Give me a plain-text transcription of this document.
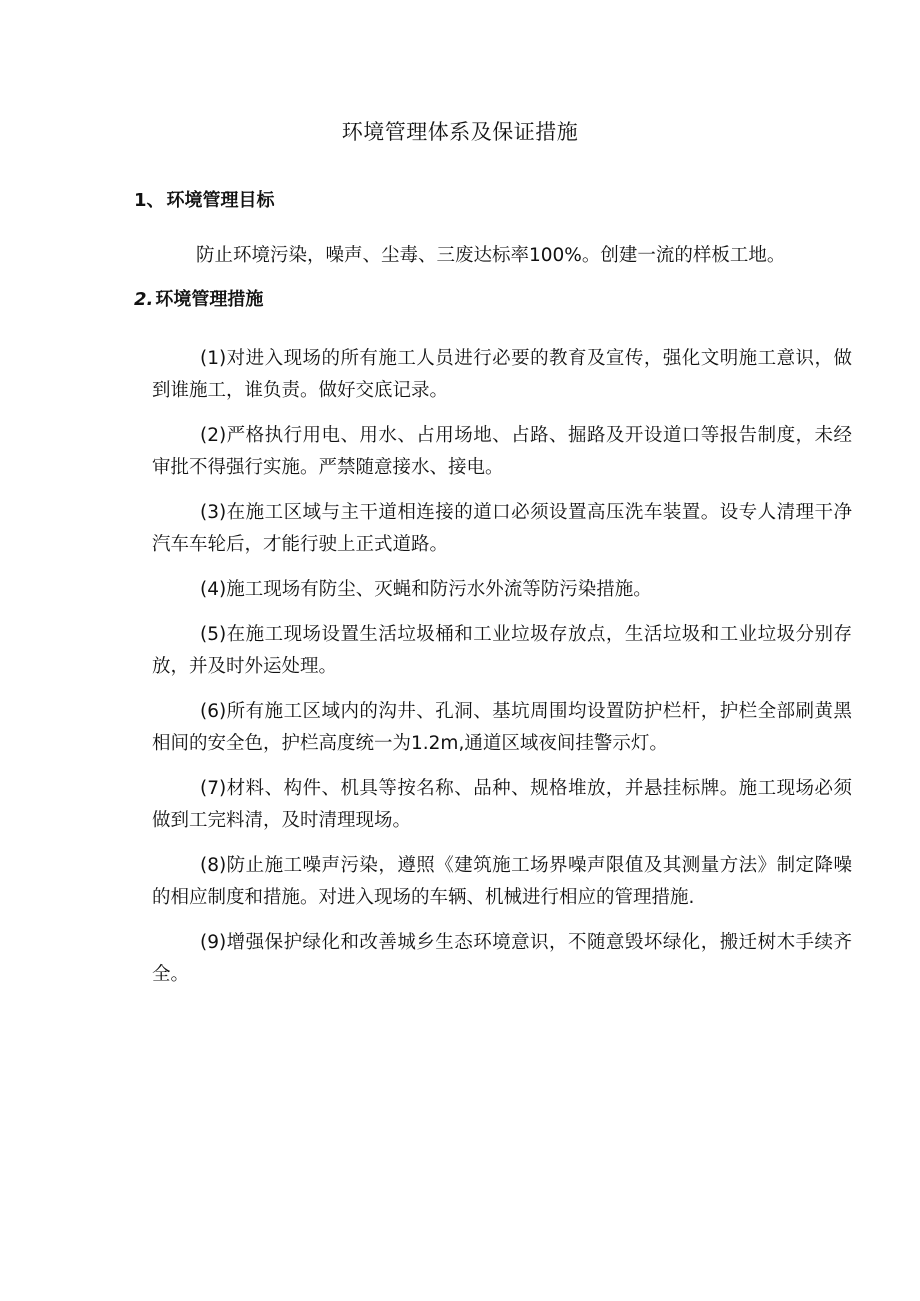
环境管理体系及保证措施
1、 环境管理目标
防止环境污染，噪声、尘毒、三废达标率100%。创建一流的样板工地。
2. 环境管理措施

(1)对进入现场的所有施工人员进行必要的教育及宣传，强化文明施工意识，做到谁施工，谁负责。做好交底记录。

(2)严格执行用电、用水、占用场地、占路、掘路及开设道口等报告制度，未经审批不得强行实施。严禁随意接水、接电。

(3)在施工区域与主干道相连接的道口必须设置高压洗车装置。设专人清理干净汽车车轮后，才能行驶上正式道路。

(4)施工现场有防尘、灭蝇和防污水外流等防污染措施。

(5)在施工现场设置生活垃圾桶和工业垃圾存放点，生活垃圾和工业垃圾分别存放，并及时外运处理。

(6)所有施工区域内的沟井、孔洞、基坑周围均设置防护栏杆，护栏全部刷黄黑相间的安全色，护栏高度统一为1.2m,通道区域夜间挂警示灯。

(7)材料、构件、机具等按名称、品种、规格堆放，并悬挂标牌。施工现场必须做到工完料清，及时清理现场。

(8)防止施工噪声污染，遵照《建筑施工场界噪声限值及其测量方法》制定降噪的相应制度和措施。对进入现场的车辆、机械进行相应的管理措施.

(9)增强保护绿化和改善城乡生态环境意识，不随意毁坏绿化，搬迁树木手续齐全。
